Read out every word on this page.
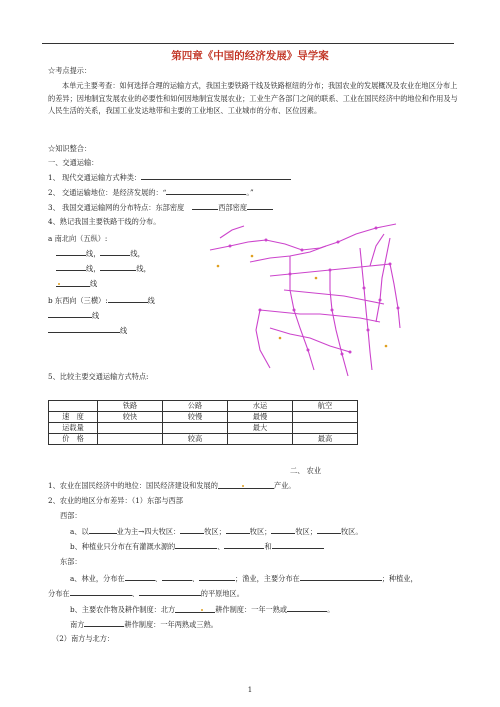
第四章《中国的经济发展》导学案
☆考点提示：
本单元主要考查：如何选择合理的运输方式，我国主要铁路干线及铁路枢纽的分布；我国农业的发展概况及农业在地区分布上的差异；因地制宜发展农业的必要性和如何因地制宜发展农业；工业生产各部门之间的联系、工业在国民经济中的地位和作用及与人民生活的关系，我国工业发达地带和主要的工业地区、工业城市的分布、区位因素。
☆知识整合：
一、交通运输：
1、 现代交通运输方式种类：
2、 交通运输地位：是经济发展的：“	。”
3、 我国交通运输网的分布特点：东部密度	西部密度
4、熟记我国主要铁路干线的分布。
a 南北向（五纵）:
线，	线，
线，	线，
线
b 东西向（三横）:	线
线
线
5、比较主要交通运输方式特点:
	铁路	公路	水运	航空
速　度	较快	较慢	最慢	
运载量			最大	
价　格		较高		最高
二、 农业
1、农业在国民经济中的地位：国民经济建设和发展的	产业。
2、农业的地区分布差异：（1）东部与西部
西部：
a、以	业为主→四大牧区：	牧区；	牧区；	牧区；	牧区。
b、种植业只分布在有灌溉水源的	、	和
东部：
a、林业，分布在	、	、	；渔业，主要分布在	；种植业，
分布在	、	的平原地区。
b、主要农作物及耕作制度：北方	耕作制度：一年一熟或	。
南方	耕作制度：一年两熟或三熟。
（2）南方与北方：
1
